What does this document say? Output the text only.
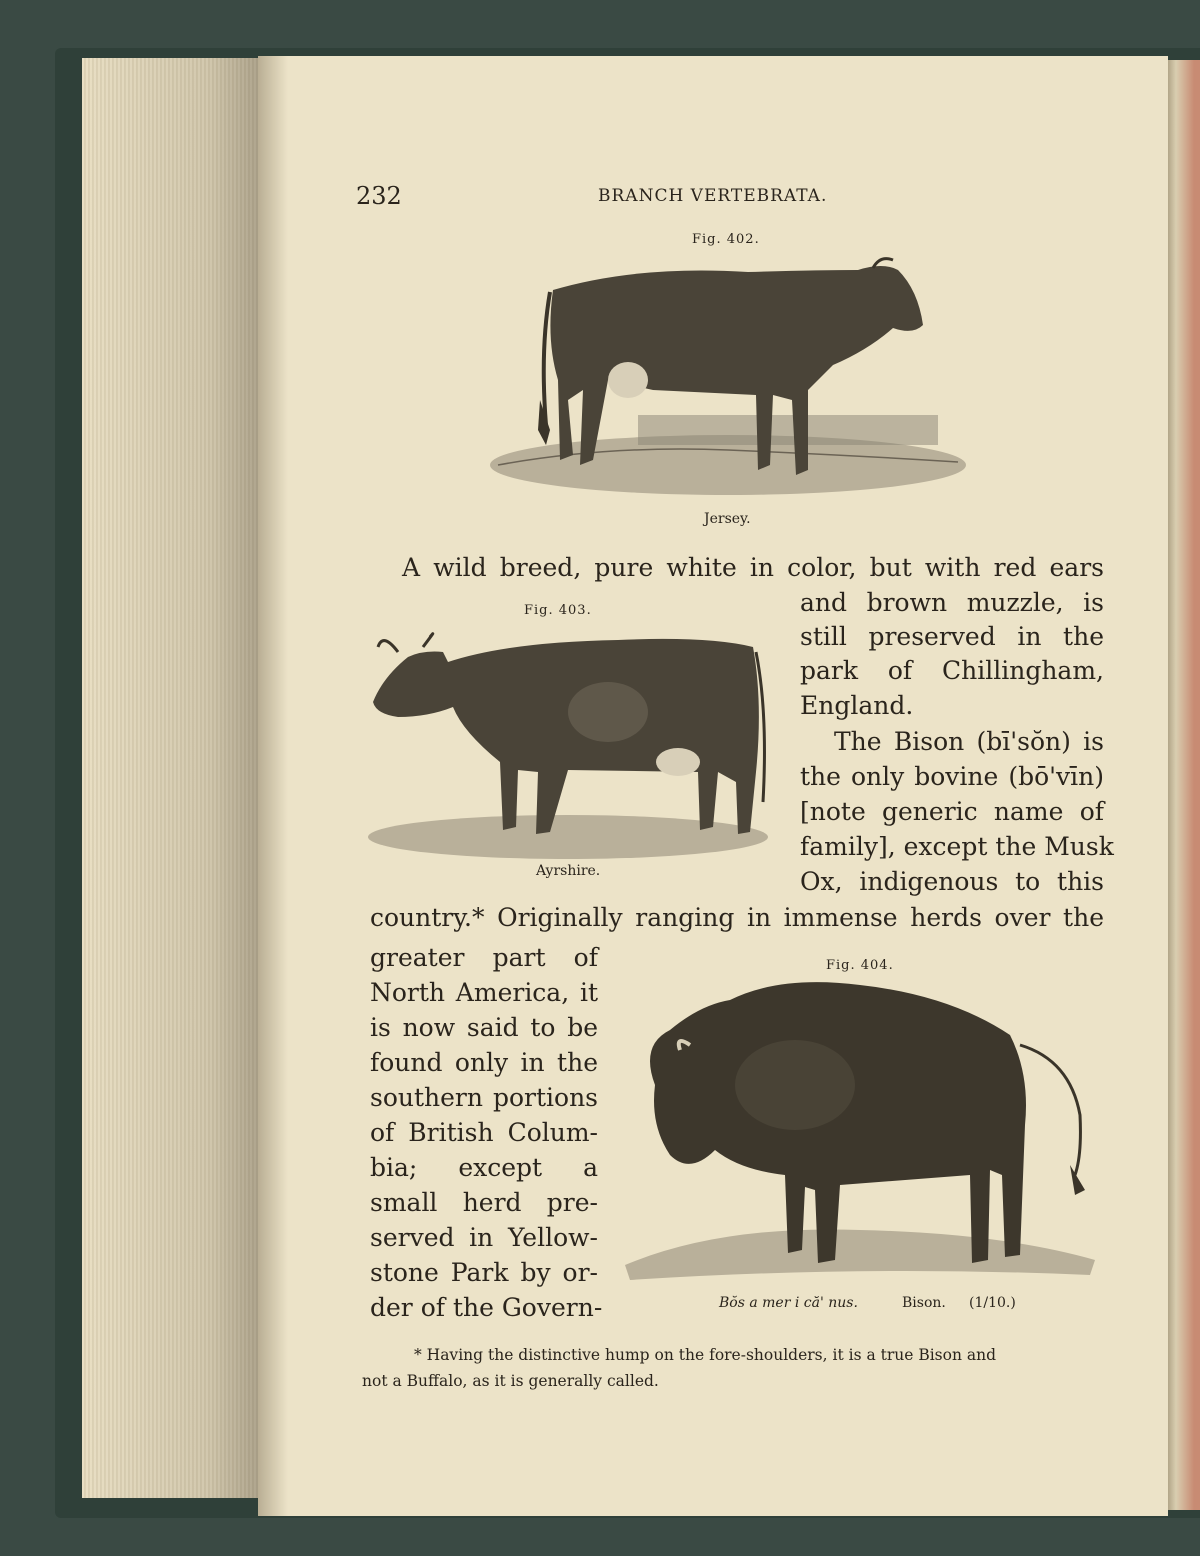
232	BRANCH VERTEBRATA.
Fig. 402.
Jersey.
A wild breed, pure white in color, but with red ears
Fig. 403.
Ayrshire.
and brown muzzle, is
still preserved in the
park of Chillingham,
England.
The Bison (bī'sŏn) is
the only bovine (bō'vīn)
[note generic name of
family], except the Musk
Ox, indigenous to this
country.* Originally ranging in immense herds over the
greater part of
North America, it
is now said to be
found only in the
southern portions
of British Colum-
bia; except a
small herd pre-
served in Yellow-
stone Park by or-
der of the Govern-
Fig. 404.
Bŏs a mer i că' nus.	Bison. (1/10.)
* Having the distinctive hump on the fore-shoulders, it is a true Bison and
not a Buffalo, as it is generally called.
